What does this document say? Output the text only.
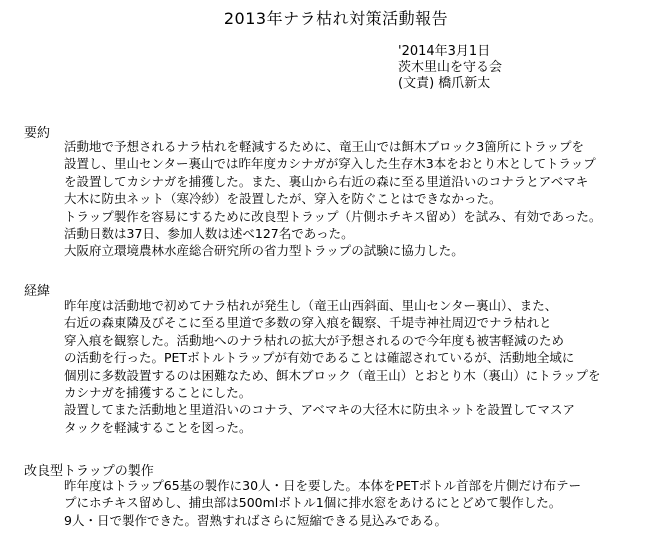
2013年ナラ枯れ対策活動報告
'2014年3月1日
茨木里山を守る会
(文責) 橋爪新太
要約
活動地で予想されるナラ枯れを軽減するために、竜王山では餌木ブロック3箇所にトラップを
設置し、里山センター裏山では昨年度カシナガが穿入した生存木3本をおとり木としてトラップ
を設置してカシナガを捕獲した。また、裏山から右近の森に至る里道沿いのコナラとアベマキ
大木に防虫ネット（寒冷紗）を設置したが、穿入を防ぐことはできなかった。
トラップ製作を容易にするために改良型トラップ（片側ホチキス留め）を試み、有効であった。
活動日数は37日、参加人数は述べ127名であった。
大阪府立環境農林水産総合研究所の省力型トラップの試験に協力した。
経緯
昨年度は活動地で初めてナラ枯れが発生し（竜王山西斜面、里山センター裏山）、また、
右近の森東隣及びそこに至る里道で多数の穿入痕を観察、千堤寺神社周辺でナラ枯れと
穿入痕を観察した。活動地へのナラ枯れの拡大が予想されるので今年度も被害軽減のため
の活動を行った。PETボトルトラップが有効であることは確認されているが、活動地全域に
個別に多数設置するのは困難なため、餌木ブロック（竜王山）とおとり木（裏山）にトラップを
カシナガを捕獲することにした。
設置してまた活動地と里道沿いのコナラ、アベマキの大径木に防虫ネットを設置してマスア
タックを軽減することを図った。
改良型トラップの製作
昨年度はトラップ65基の製作に30人・日を要した。本体をPETボトル首部を片側だけ布テー
プにホチキス留めし、捕虫部は500mlボトル1個に排水窓をあけるにとどめて製作した。
9人・日で製作できた。習熟すればさらに短縮できる見込みである。
